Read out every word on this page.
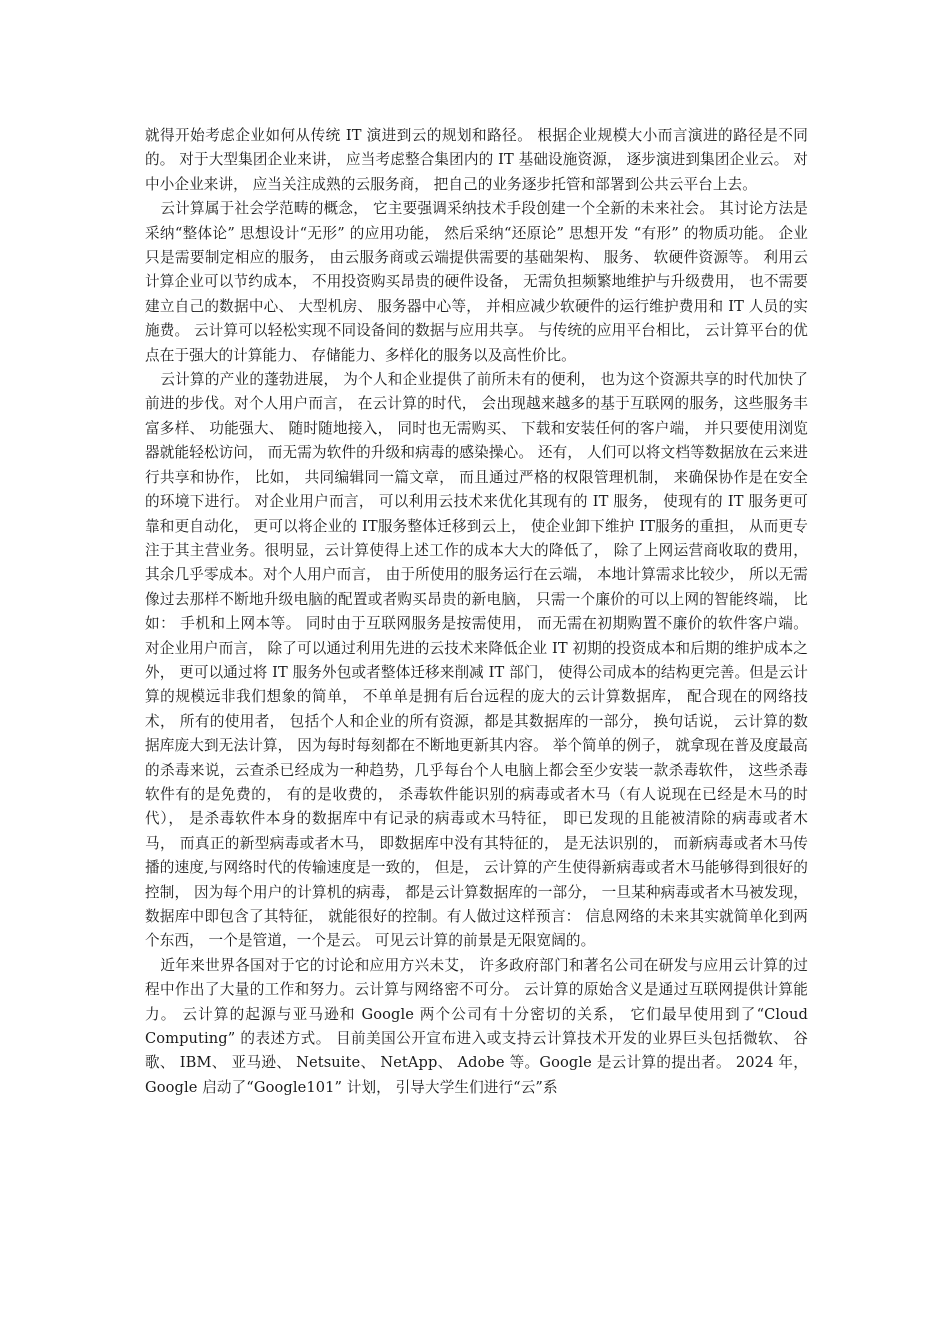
就得开始考虑企业如何从传统 IT 演进到云的规划和路径。 根据企业规模大小而言演进的路径是不同的。 对于大型集团企业来讲， 应当考虑整合集团内的 IT 基础设施资源， 逐步演进到集团企业云。 对中小企业来讲， 应当关注成熟的云服务商， 把自己的业务逐步托管和部署到公共云平台上去。

云计算属于社会学范畴的概念， 它主要强调采纳技术手段创建一个全新的未来社会。 其讨论方法是采纳“整体论” 思想设计“无形” 的应用功能， 然后采纳“还原论” 思想开发 “有形” 的物质功能。 企业只是需要制定相应的服务， 由云服务商或云端提供需要的基础架构、 服务、 软硬件资源等。 利用云计算企业可以节约成本， 不用投资购买昂贵的硬件设备， 无需负担频繁地维护与升级费用， 也不需要建立自己的数据中心、 大型机房、 服务器中心等， 并相应减少软硬件的运行维护费用和 IT 人员的实施费。 云计算可以轻松实现不同设备间的数据与应用共享。 与传统的应用平台相比， 云计算平台的优点在于强大的计算能力、 存储能力、多样化的服务以及高性价比。

云计算的产业的蓬勃进展， 为个人和企业提供了前所未有的便利， 也为这个资源共享的时代加快了前进的步伐。对个人用户而言， 在云计算的时代， 会出现越来越多的基于互联网的服务，这些服务丰富多样、 功能强大、 随时随地接入， 同时也无需购买、 下载和安装任何的客户端， 并只要使用浏览器就能轻松访问， 而无需为软件的升级和病毒的感染操心。 还有， 人们可以将文档等数据放在云来进行共享和协作， 比如， 共同编辑同一篇文章， 而且通过严格的权限管理机制， 来确保协作是在安全的环境下进行。 对企业用户而言， 可以利用云技术来优化其现有的 IT 服务， 使现有的 IT 服务更可靠和更自动化， 更可以将企业的 IT服务整体迁移到云上， 使企业卸下维护 IT服务的重担， 从而更专注于其主营业务。很明显，云计算使得上述工作的成本大大的降低了， 除了上网运营商收取的费用， 其余几乎零成本。对个人用户而言， 由于所使用的服务运行在云端， 本地计算需求比较少， 所以无需像过去那样不断地升级电脑的配置或者购买昂贵的新电脑， 只需一个廉价的可以上网的智能终端， 比如： 手机和上网本等。 同时由于互联网服务是按需使用， 而无需在初期购置不廉价的软件客户端。 对企业用户而言， 除了可以通过利用先进的云技术来降低企业 IT 初期的投资成本和后期的维护成本之外， 更可以通过将 IT 服务外包或者整体迁移来削减 IT 部门， 使得公司成本的结构更完善。但是云计算的规模远非我们想象的简单， 不单单是拥有后台远程的庞大的云计算数据库， 配合现在的网络技术， 所有的使用者， 包括个人和企业的所有资源，都是其数据库的一部分， 换句话说， 云计算的数据库庞大到无法计算， 因为每时每刻都在不断地更新其内容。 举个简单的例子， 就拿现在普及度最高的杀毒来说，云查杀已经成为一种趋势，几乎每台个人电脑上都会至少安装一款杀毒软件， 这些杀毒软件有的是免费的， 有的是收费的， 杀毒软件能识别的病毒或者木马（有人说现在已经是木马的时代）， 是杀毒软件本身的数据库中有记录的病毒或木马特征， 即已发现的且能被清除的病毒或者木马， 而真正的新型病毒或者木马， 即数据库中没有其特征的， 是无法识别的， 而新病毒或者木马传播的速度,与网络时代的传输速度是一致的， 但是， 云计算的产生使得新病毒或者木马能够得到很好的控制， 因为每个用户的计算机的病毒， 都是云计算数据库的一部分， 一旦某种病毒或者木马被发现， 数据库中即包含了其特征， 就能很好的控制。有人做过这样预言： 信息网络的未来其实就简单化到两个东西， 一个是管道，一个是云。 可见云计算的前景是无限宽阔的。

近年来世界各国对于它的讨论和应用方兴未艾， 许多政府部门和著名公司在研发与应用云计算的过程中作出了大量的工作和努力。云计算与网络密不可分。 云计算的原始含义是通过互联网提供计算能力。 云计算的起源与亚马逊和 Google 两个公司有十分密切的关系， 它们最早使用到了“Cloud Computing” 的表述方式。 目前美国公开宣布进入或支持云计算技术开发的业界巨头包括微软、 谷歌、 IBM、 亚马逊、 Netsuite、 NetApp、 Adobe 等。Google 是云计算的提出者。 2024 年， Google 启动了“Google101” 计划， 引导大学生们进行“云”系
